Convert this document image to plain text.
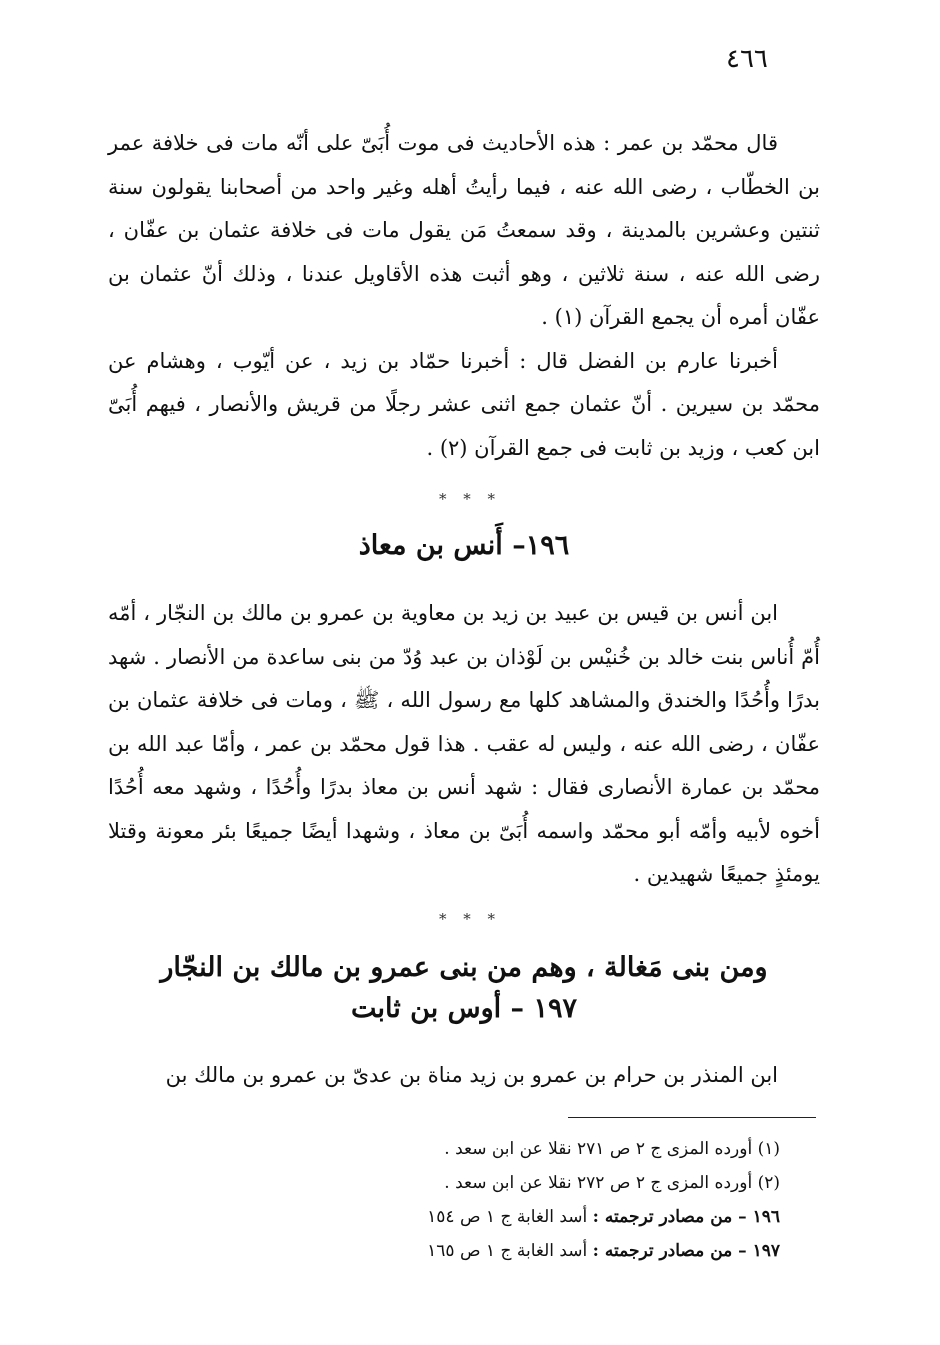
٤٦٦

قال محمّد بن عمر : هذه الأحاديث فى موت أُبَىّ على أنّه مات فى خلافة عمر بن الخطّاب ، رضى الله عنه ، فيما رأيتُ أهله وغير واحد من أصحابنا يقولون سنة ثنتين وعشرين بالمدينة ، وقد سمعتُ مَن يقول مات فى خلافة عثمان بن عفّان ، رضى الله عنه ، سنة ثلاثين ، وهو أثبت هذه الأقاويل عندنا ، وذلك أنّ عثمان بن عفّان أمره أن يجمع القرآن (١) .

أخبرنا عارم بن الفضل قال : أخبرنا حمّاد بن زيد ، عن أيّوب ، وهشام عن محمّد بن سيرين . أنّ عثمان جمع اثنى عشر رجلًا من قريش والأنصار ، فيهم أُبَىّ ابن كعب ، وزيد بن ثابت فى جمع القرآن (٢) .

* * *
١٩٦– أَنس بن معاذ

ابن أنس بن قيس بن عبيد بن زيد بن معاوية بن عمرو بن مالك بن النجّار ، أمّه أُمّ أُناس بنت خالد بن خُنيْس بن لَوْذان بن عبد وُدّ من بنى ساعدة من الأنصار . شهد بدرًا وأُحُدًا والخندق والمشاهد كلها مع رسول الله ، ﷺ ، ومات فى خلافة عثمان بن عفّان ، رضى الله عنه ، وليس له عقب . هذا قول محمّد بن عمر ، وأمّا عبد الله بن محمّد بن عمارة الأنصارى فقال : شهد أنس بن معاذ بدرًا وأُحُدًا ، وشهد معه أُحُدًا أخوه لأبيه وأمّه أبو محمّد واسمه أُبَىّ بن معاذ ، وشهدا أيضًا جميعًا بئر معونة وقتلا يومئذٍ جميعًا شهيدين .

* * *
ومن بنى مَغالة ، وهم من بنى عمرو بن مالك بن النجّار
١٩٧ – أوس بن ثابت

ابن المنذر بن حرام بن عمرو بن زيد مناة بن عدىّ بن عمرو بن مالك بن

(١) أورده المزى ج ٢ ص ٢٧١ نقلا عن ابن سعد .
(٢) أورده المزى ج ٢ ص ٢٧٢ نقلا عن ابن سعد .
١٩٦ – من مصادر ترجمته : أسد الغابة ج ١ ص ١٥٤
١٩٧ – من مصادر ترجمته : أسد الغابة ج ١ ص ١٦٥
